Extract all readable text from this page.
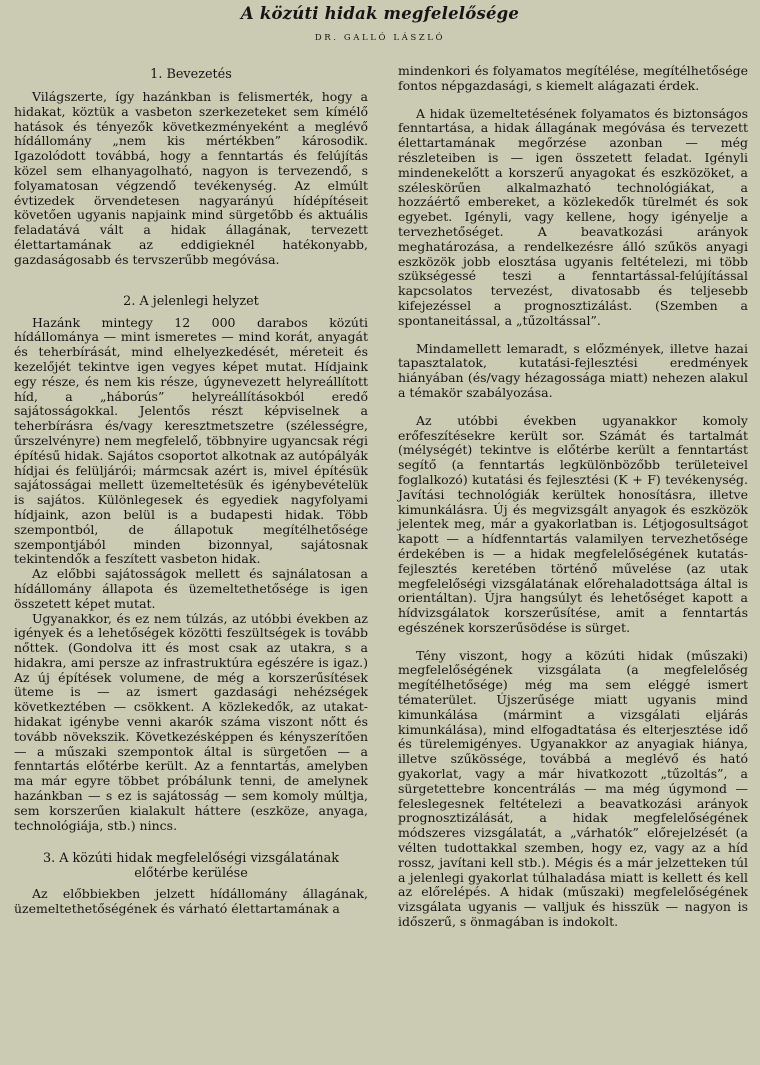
A közúti hidak megfelelősége
DR. GALLÓ LÁSZLÓ
1. Bevezetés

Világszerte, így hazánkban is felismerték, hogy a hidakat, köztük a vasbeton szerkezeteket sem kímélő hatások és tényezők következményeként a meglévő hídállomány „nem kis mértékben” károsodik. Igazolódott továbbá, hogy a fenntartás és felújítás közel sem elhanyagolható, nagyon is tervezendő, s folyamatosan végzendő tevékenység. Az elmúlt évtizedek örvendetesen nagyarányú hídépítéseit követően ugyanis napjaink mind sürgetőbb és aktuális feladatává vált a hidak állagának, tervezett élettartamának az eddigieknél hatékonyabb, gazdaságosabb és tervszerűbb megóvása.

2. A jelenlegi helyzet

Hazánk mintegy 12 000 darabos közúti hídállománya — mint ismeretes — mind korát, anyagát és teherbírását, mind elhelyezkedését, méreteit és kezelőjét tekintve igen vegyes képet mutat. Hídjaink egy része, és nem kis része, úgynevezett helyreállított híd, a „háborús” helyreállításokból eredő sajátosságokkal. Jelentős részt képviselnek a teherbírásra és/vagy keresztmetszetre (szélességre, űrszelvényre) nem megfelelő, többnyire ugyancsak régi építésű hidak. Sajátos csoportot alkotnak az autópályák hídjai és felüljárói; mármcsak azért is, mivel építésük sajátosságai mellett üzemeltetésük és igénybevételük is sajátos. Különlegesek és egyediek nagyfolyami hídjaink, azon belül is a budapesti hidak. Több szempontból, de állapotuk megítélhetősége szempontjából minden bizonnyal, sajátosnak tekintendők a feszített vasbeton hidak.

Az előbbi sajátosságok mellett és sajnálatosan a hídállomány állapota és üzemeltethetősége is igen összetett képet mutat.

Ugyanakkor, és ez nem túlzás, az utóbbi években az igények és a lehetőségek közötti feszültségek is tovább nőttek. (Gondolva itt és most csak az utakra, s a hidakra, ami persze az infrastruktúra egészére is igaz.) Az új építések volumene, de még a korszerűsítések üteme is — az ismert gazdasági nehézségek következtében — csökkent. A közlekedők, az utakat-hidakat igénybe venni akarók száma viszont nőtt és tovább növekszik. Következésképpen és kényszerítően — a műszaki szempontok által is sürgetően — a fenntartás előtérbe került. Az a fenntartás, amelyben ma már egyre többet próbálunk tenni, de amelynek hazánkban — s ez is sajátosság — sem komoly múltja, sem korszerűen kialakult háttere (eszköze, anyaga, technológiája, stb.) nincs.

3. A közúti hidak megfelelőségi vizsgálatának előtérbe kerülése

Az előbbiekben jelzett hídállomány állagának, üzemeltethetőségének és várható élettartamának a

mindenkori és folyamatos megítélése, megítélhetősége fontos népgazdasági, s kiemelt alágazati érdek.

A hidak üzemeltetésének folyamatos és biztonságos fenntartása, a hidak állagának megóvása és tervezett élettartamának megőrzése azonban — még részleteiben is — igen összetett feladat. Igényli mindenekelőtt a korszerű anyagokat és eszközöket, a széleskörűen alkalmazható technológiákat, a hozzáértő embereket, a közlekedők türelmét és sok egyebet. Igényli, vagy kellene, hogy igényelje a tervezhetőséget. A beavatkozási arányok meghatározása, a rendelkezésre álló szűkös anyagi eszközök jobb elosztása ugyanis feltételezi, mi több szükségessé teszi a fenntartással-felújítással kapcsolatos tervezést, divatosabb és teljesebb kifejezéssel a prognosztizálást. (Szemben a spontaneitással, a „tűzoltással”.

Mindamellett lemaradt, s előzmények, illetve hazai tapasztalatok, kutatási-fejlesztési eredmények hiányában (és/vagy hézagossága miatt) nehezen alakul a témakör szabályozása.

Az utóbbi években ugyanakkor komoly erőfeszítésekre került sor. Számát és tartalmát (mélységét) tekintve is előtérbe került a fenntartást segítő (a fenntartás legkülönbözőbb területeivel foglalkozó) kutatási és fejlesztési (K + F) tevékenység. Javítási technológiák kerültek honosításra, illetve kimunkálásra. Új és megvizsgált anyagok és eszközök jelentek meg, már a gyakorlatban is. Létjogosultságot kapott — a hídfenntartás valamilyen tervezhetősége érdekében is — a hidak megfelelőségének kutatás-fejlesztés keretében történő művelése (az utak megfelelőségi vizsgálatának előrehaladottsága által is orientáltan). Újra hangsúlyt és lehetőséget kapott a hídvizsgálatok korszerűsítése, amit a fenntartás egészének korszerűsödése is sürget.

Tény viszont, hogy a közúti hidak (műszaki) megfelelőségének vizsgálata (a megfelelőség megítélhetősége) még ma sem eléggé ismert tématerület. Újszerűsége miatt ugyanis mind kimunkálása (mármint a vizsgálati eljárás kimunkálása), mind elfogadtatása és elterjesztése idő és türelemigényes. Ugyanakkor az anyagiak hiánya, illetve szűkössége, továbbá a meglévő és ható gyakorlat, vagy a már hivatkozott „tűzoltás”, a sürgetettebre koncentrálás — ma még úgymond — feleslegesnek feltételezi a beavatkozási arányok prognosztizálását, a hidak megfelelőségének módszeres vizsgálatát, a „várhatók” előrejelzését (a vélten tudottakkal szemben, hogy ez, vagy az a híd rossz, javítani kell stb.). Mégis és a már jelzetteken túl a jelenlegi gyakorlat túlhaladása miatt is kellett és kell az előrelépés. A hidak (műszaki) megfelelőségének vizsgálata ugyanis — valljuk és hisszük — nagyon is időszerű, s önmagában is indokolt.
